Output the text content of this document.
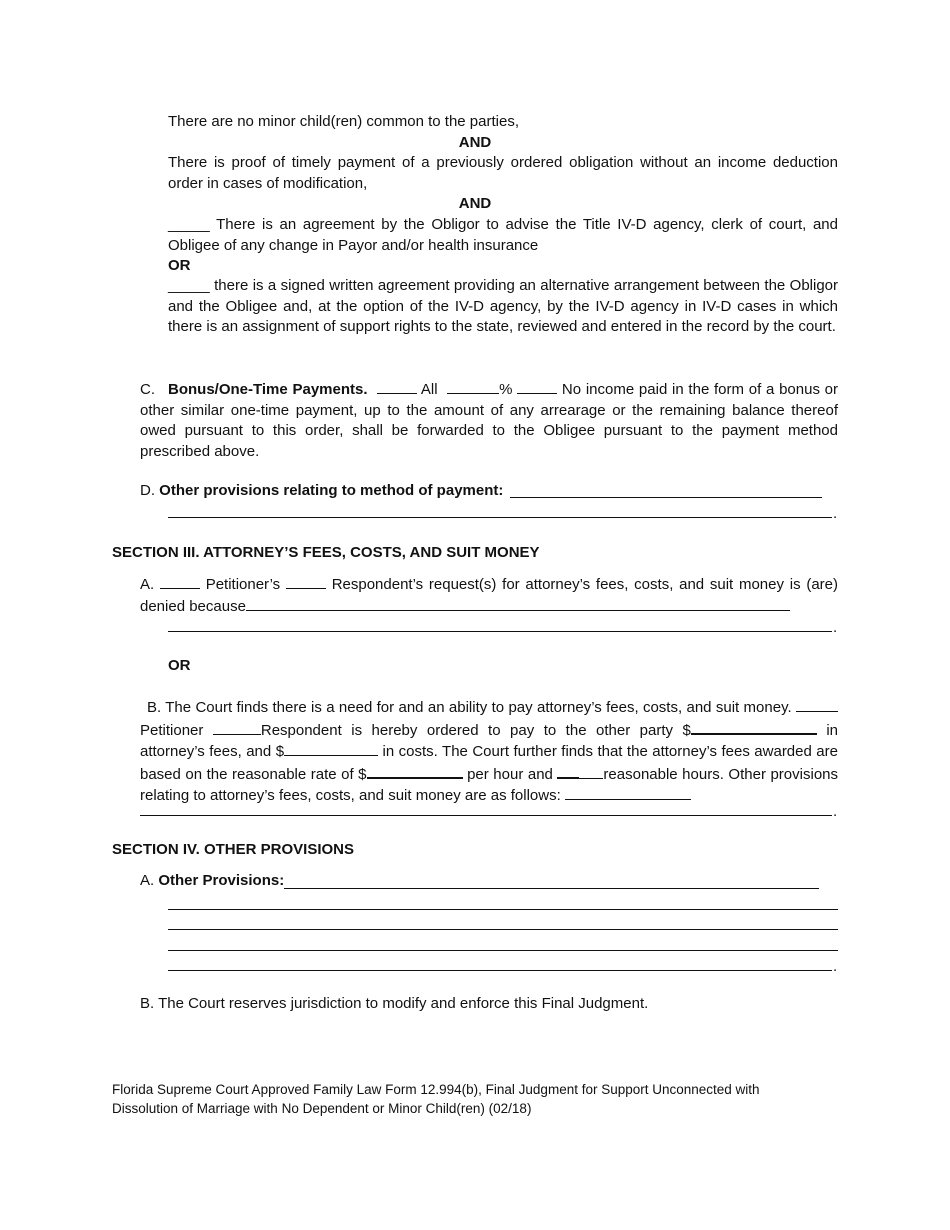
There are no minor child(ren) common to the parties,

AND

There is proof of timely payment of a previously ordered obligation without an income deduction order in cases of modification,

AND

_____ There is an agreement by the Obligor to advise the Title IV-D agency, clerk of court, and Obligee of any change in Payor and/or health insurance

OR

_____ there is a signed written agreement providing an alternative arrangement between the Obligor and the Obligee and, at the option of the IV-D agency, by the IV-D agency in IV-D cases in which there is an assignment of support rights to the state, reviewed and entered in the record by the court.

C. Bonus/One-Time Payments.	All	%	No income paid in the form of a bonus or other similar one-time payment, up to the amount of any arrearage or the remaining balance thereof owed pursuant to this order, shall be forwarded to the Obligee pursuant to the payment method prescribed above.

D. Other provisions relating to method of payment:

.

SECTION III. ATTORNEY’S FEES, COSTS, AND SUIT MONEY

A.	Petitioner’s	Respondent’s request(s) for attorney’s fees, costs, and suit money is (are) denied because

.

OR

B. The Court finds there is a need for and an ability to pay attorney’s fees, costs, and suit money. Petitioner	Respondent is hereby ordered to pay to the other party $	in attorney’s fees, and $	in costs. The Court further finds that the attorney’s fees awarded are based on the reasonable rate of $	per hour and	reasonable hours. Other provisions relating to attorney’s fees, costs, and suit money are as follows:

.

SECTION IV. OTHER PROVISIONS

A. Other Provisions:

.

B. The Court reserves jurisdiction to modify and enforce this Final Judgment.

Florida Supreme Court Approved Family Law Form 12.994(b), Final Judgment for Support Unconnected with
Dissolution of Marriage with No Dependent or Minor Child(ren) (02/18)
